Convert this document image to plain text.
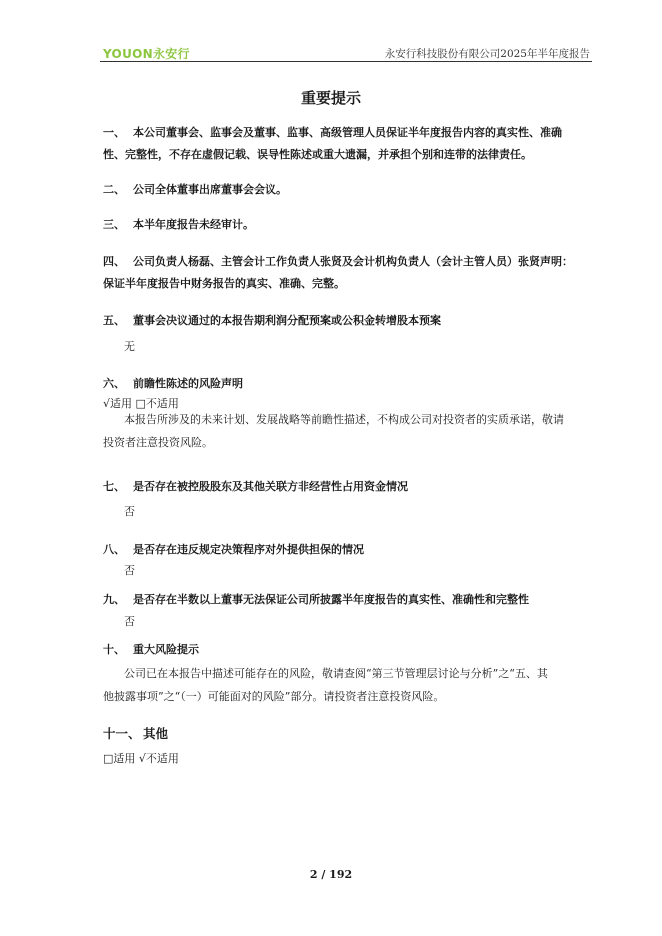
YOUON永安行	永安行科技股份有限公司2025年半年度报告
重要提示
一、 本公司董事会、监事会及董事、监事、高级管理人员保证半年度报告内容的真实性、准确
性、完整性，不存在虚假记载、误导性陈述或重大遗漏，并承担个别和连带的法律责任。
二、 公司全体董事出席董事会会议。
三、 本半年度报告未经审计。
四、 公司负责人杨磊、主管会计工作负责人张贤及会计机构负责人（会计主管人员）张贤声明：
保证半年度报告中财务报告的真实、准确、完整。
五、 董事会决议通过的本报告期利润分配预案或公积金转增股本预案
无
六、 前瞻性陈述的风险声明
√适用 □不适用
本报告所涉及的未来计划、发展战略等前瞻性描述，不构成公司对投资者的实质承诺，敬请
投资者注意投资风险。
七、 是否存在被控股股东及其他关联方非经营性占用资金情况
否
八、 是否存在违反规定决策程序对外提供担保的情况
否
九、 是否存在半数以上董事无法保证公司所披露半年度报告的真实性、准确性和完整性
否
十、 重大风险提示
公司已在本报告中描述可能存在的风险，敬请查阅“第三节管理层讨论与分析”之“五、其
他披露事项”之“（一）可能面对的风险”部分。请投资者注意投资风险。
十一、 其他
□适用 √不适用
2 / 192
